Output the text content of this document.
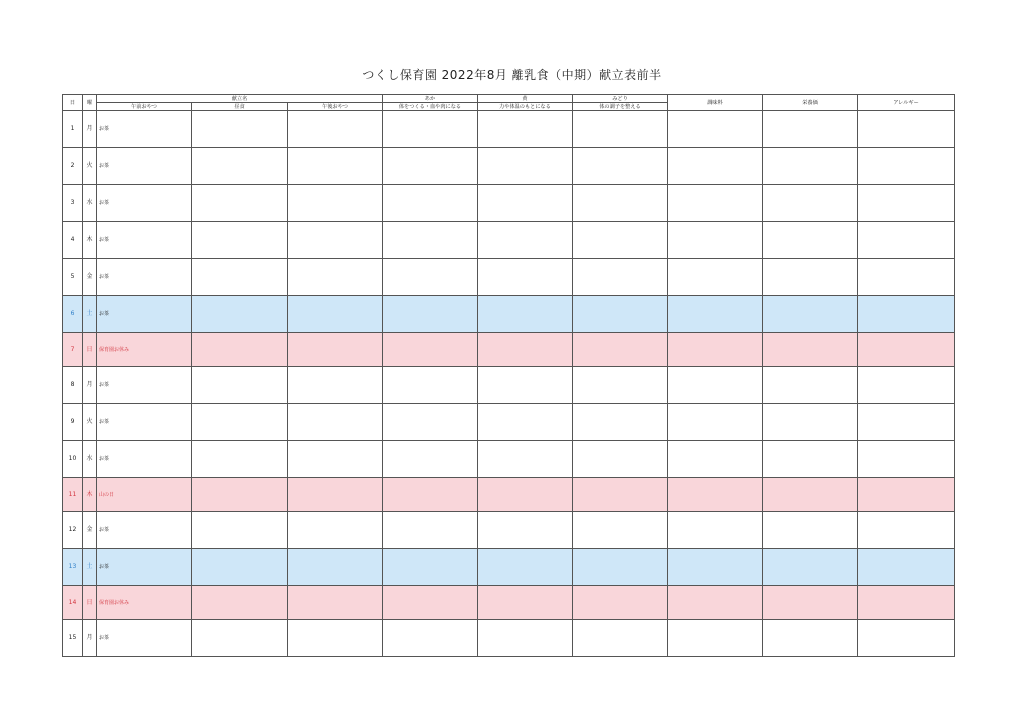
つくし保育園 2022年8月 離乳食（中期）献立表前半
日	曜	献立名			あか	黄	みどり	調味料	栄養価	アレルギー
		午前おやつ	昼食	午後おやつ	体をつくる・血や肉になる	力や体温のもとになる	体の調子を整える			
1	月	お茶								
2	火	お茶								
3	水	お茶								
4	木	お茶								
5	金	お茶								
6	土	お茶								
7	日	保育園お休み								
8	月	お茶								
9	火	お茶								
10	水	お茶								
11	木	山の日								
12	金	お茶								
13	土	お茶								
14	日	保育園お休み								
15	月	お茶								
